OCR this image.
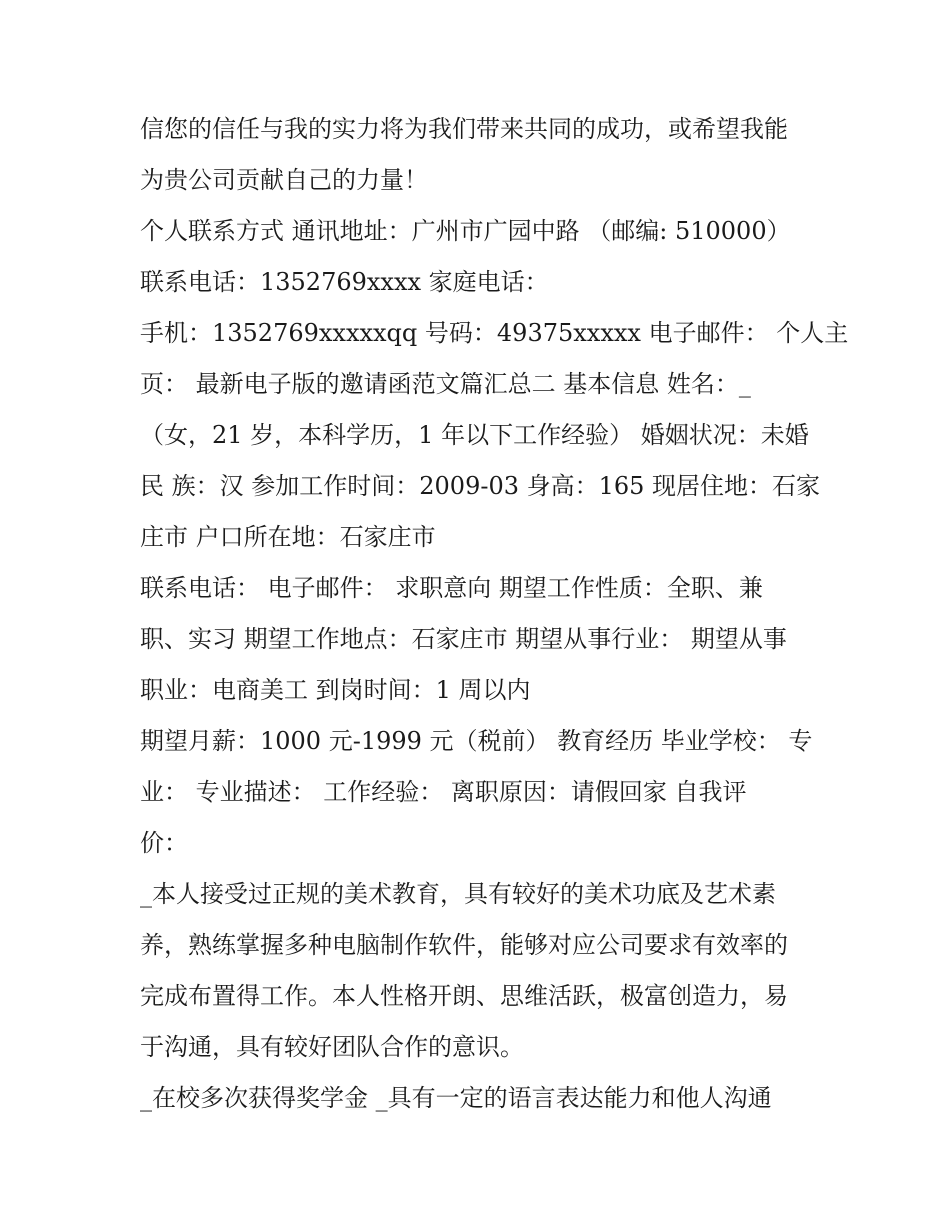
信您的信任与我的实力将为我们带来共同的成功，或希望我能
为贵公司贡献自己的力量！

个人联系方式 通讯地址：广州市广园中路 （邮编: 510000）

联系电话：1352769xxxx 家庭电话：

手机：1352769xxxxxqq 号码：49375xxxxx 电子邮件： 个人主
页： 最新电子版的邀请函范文篇汇总二 基本信息 姓名：_
（女，21 岁，本科学历，1 年以下工作经验） 婚姻状况：未婚
民 族：汉 参加工作时间：2009-03 身高：165 现居住地：石家
庄市 户口所在地：石家庄市

联系电话： 电子邮件： 求职意向 期望工作性质：全职、兼
职、实习 期望工作地点：石家庄市 期望从事行业： 期望从事
职业：电商美工 到岗时间：1 周以内

期望月薪：1000 元-1999 元（税前） 教育经历 毕业学校： 专
业： 专业描述： 工作经验： 离职原因：请假回家 自我评
价：

_本人接受过正规的美术教育，具有较好的美术功底及艺术素
养，熟练掌握多种电脑制作软件，能够对应公司要求有效率的
完成布置得工作。本人性格开朗、思维活跃，极富创造力，易
于沟通，具有较好团队合作的意识。

_在校多次获得奖学金 _具有一定的语言表达能力和他人沟通
